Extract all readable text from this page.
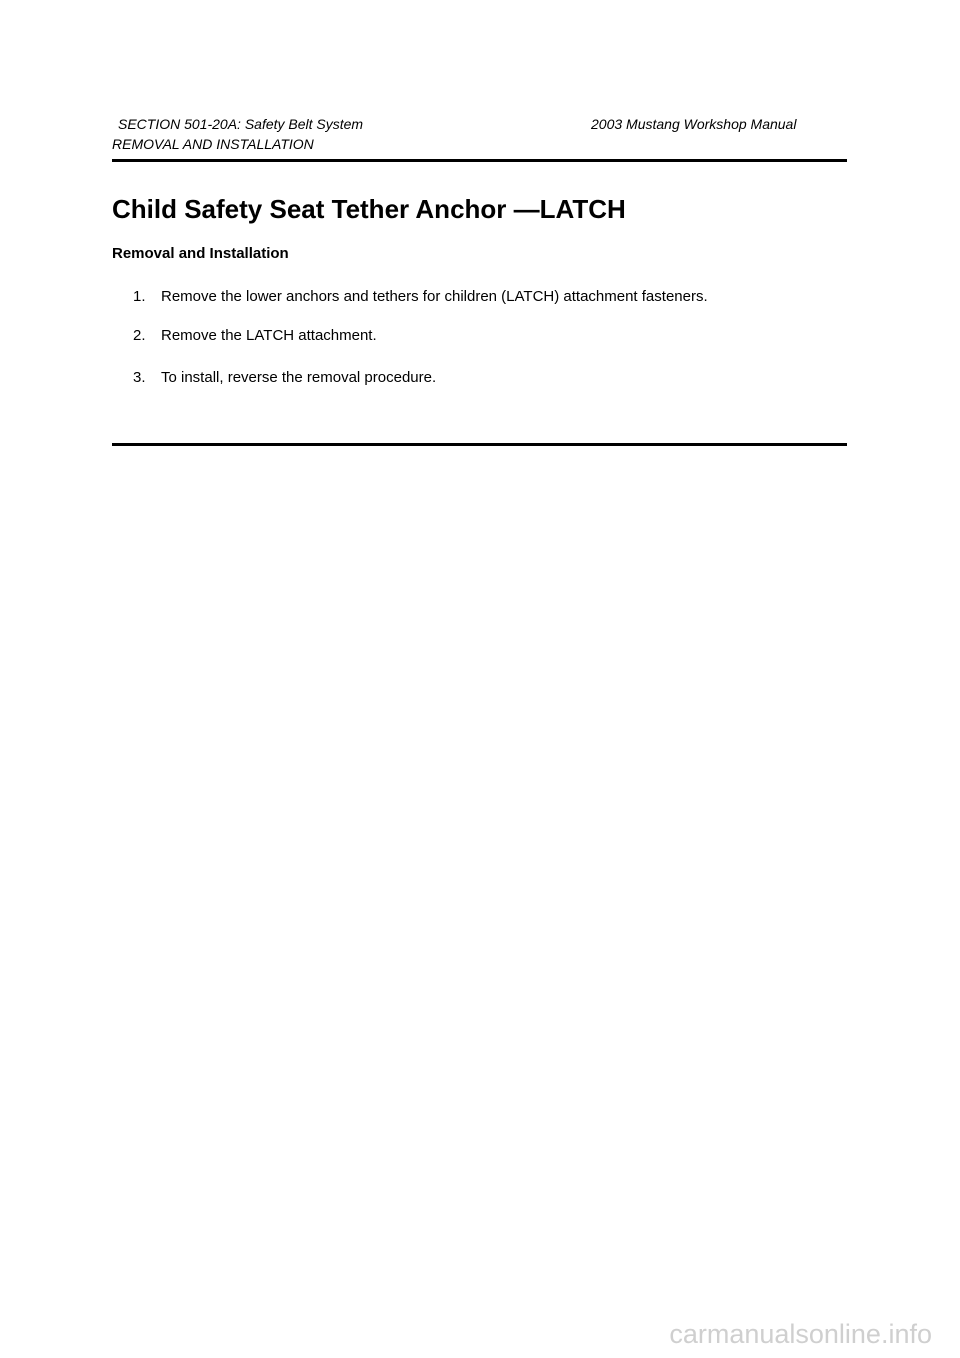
SECTION 501-20A: Safety Belt System	2003 Mustang Workshop Manual
REMOVAL AND INSTALLATION
Child Safety Seat Tether Anchor —LATCH
Removal and Installation
1. Remove the lower anchors and tethers for children (LATCH) attachment fasteners.
2. Remove the LATCH attachment.
3. To install, reverse the removal procedure.
carmanualsonline.info
